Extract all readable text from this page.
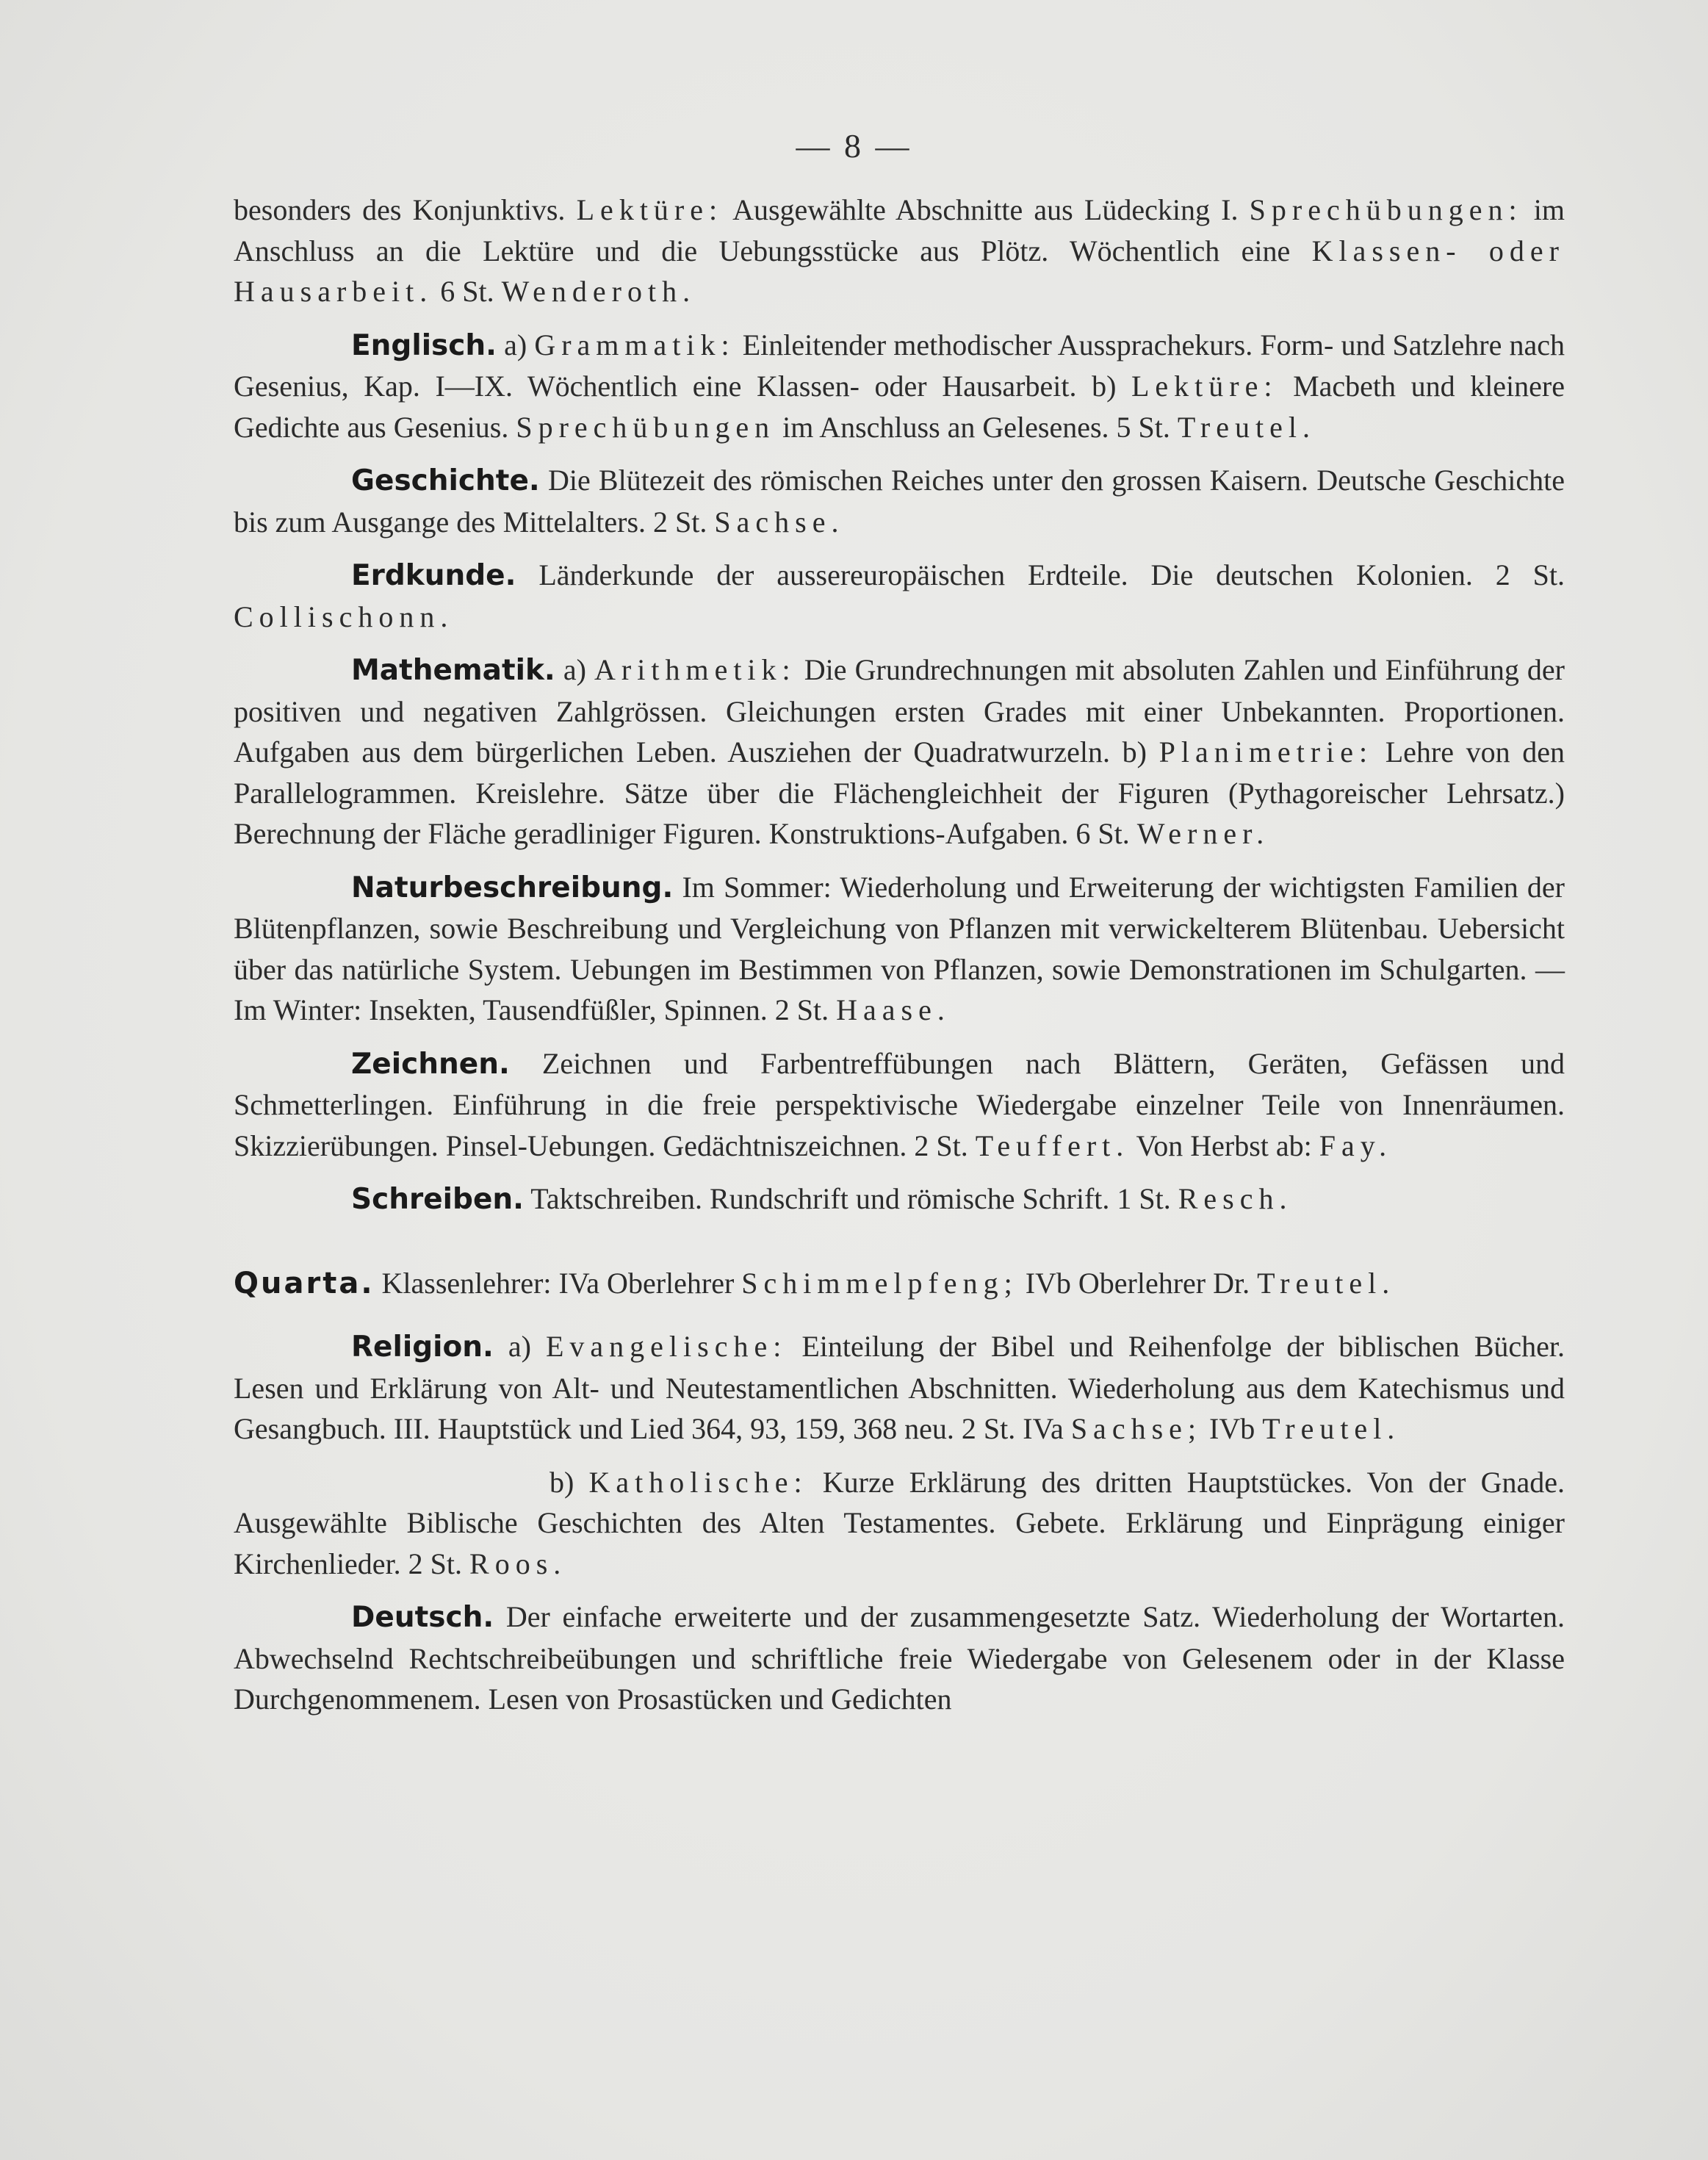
— 8 —

besonders des Konjunktivs. Lektüre: Ausgewählte Abschnitte aus Lüdecking I. Sprechübungen: im Anschluss an die Lektüre und die Uebungsstücke aus Plötz. Wöchentlich eine Klassen- oder Hausarbeit. 6 St. Wenderoth.

Englisch. a) Grammatik: Einleitender methodischer Aussprachekurs. Form- und Satzlehre nach Gesenius, Kap. I—IX. Wöchentlich eine Klassen- oder Hausarbeit. b) Lektüre: Macbeth und kleinere Gedichte aus Gesenius. Sprechübungen im Anschluss an Gelesenes. 5 St. Treutel.

Geschichte. Die Blütezeit des römischen Reiches unter den grossen Kaisern. Deutsche Geschichte bis zum Ausgange des Mittelalters. 2 St. Sachse.

Erdkunde. Länderkunde der aussereuropäischen Erdteile. Die deutschen Kolonien. 2 St. Collischonn.

Mathematik. a) Arithmetik: Die Grundrechnungen mit absoluten Zahlen und Einführung der positiven und negativen Zahlgrössen. Gleichungen ersten Grades mit einer Unbekannten. Proportionen. Aufgaben aus dem bürgerlichen Leben. Ausziehen der Quadratwurzeln. b) Planimetrie: Lehre von den Parallelogrammen. Kreislehre. Sätze über die Flächengleichheit der Figuren (Pythagoreischer Lehrsatz.) Berechnung der Fläche geradliniger Figuren. Konstruktions-Aufgaben. 6 St. Werner.

Naturbeschreibung. Im Sommer: Wiederholung und Erweiterung der wichtigsten Familien der Blütenpflanzen, sowie Beschreibung und Vergleichung von Pflanzen mit verwickelterem Blütenbau. Uebersicht über das natürliche System. Uebungen im Bestimmen von Pflanzen, sowie Demonstrationen im Schulgarten. — Im Winter: Insekten, Tausendfüßler, Spinnen. 2 St. Haase.

Zeichnen. Zeichnen und Farbentreffübungen nach Blättern, Geräten, Gefässen und Schmetterlingen. Einführung in die freie perspektivische Wiedergabe einzelner Teile von Innenräumen. Skizzierübungen. Pinsel-Uebungen. Gedächtniszeichnen. 2 St. Teuffert. Von Herbst ab: Fay.

Schreiben. Taktschreiben. Rundschrift und römische Schrift. 1 St. Resch.

Quarta. Klassenlehrer: IVa Oberlehrer Schimmelpfeng; IVb Oberlehrer Dr. Treutel.

Religion. a) Evangelische: Einteilung der Bibel und Reihenfolge der biblischen Bücher. Lesen und Erklärung von Alt- und Neutestamentlichen Abschnitten. Wiederholung aus dem Katechismus und Gesangbuch. III. Hauptstück und Lied 364, 93, 159, 368 neu. 2 St. IVa Sachse; IVb Treutel.

b) Katholische: Kurze Erklärung des dritten Hauptstückes. Von der Gnade. Ausgewählte Biblische Geschichten des Alten Testamentes. Gebete. Erklärung und Einprägung einiger Kirchenlieder. 2 St. Roos.

Deutsch. Der einfache erweiterte und der zusammengesetzte Satz. Wiederholung der Wortarten. Abwechselnd Rechtschreibeübungen und schriftliche freie Wiedergabe von Gelesenem oder in der Klasse Durchgenommenem. Lesen von Prosastücken und Gedichten
